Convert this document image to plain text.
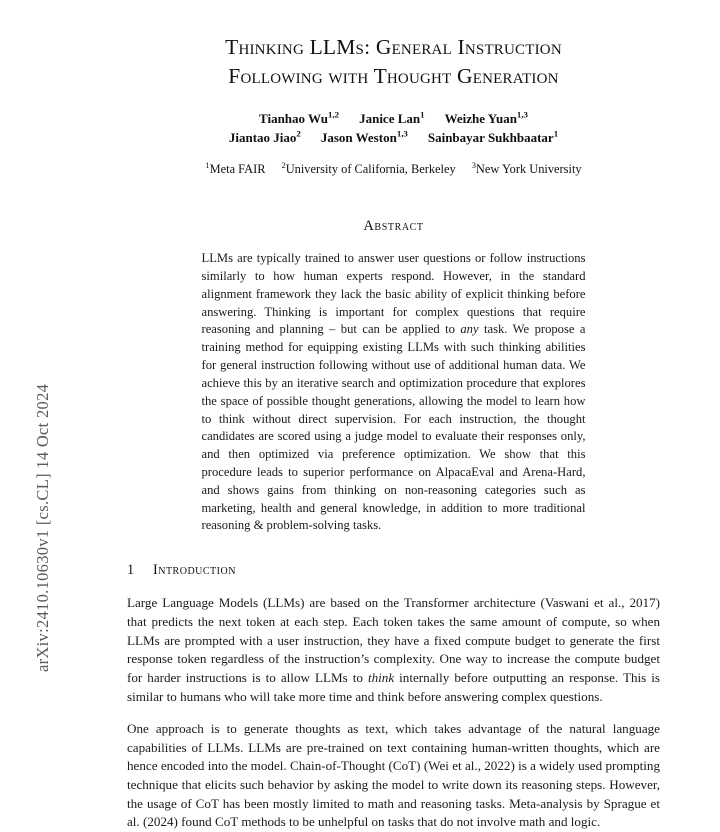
arXiv:2410.10630v1 [cs.CL] 14 Oct 2024
Thinking LLMs: General Instruction
Following with Thought Generation
Tianhao Wu$^{1,2}$ Janice Lan$^1$ Weizhe Yuan$^{1,3}$
Jiantao Jiao$^2$ Jason Weston$^{1,3}$ Sainbayar Sukhbaatar$^1$
$^1$Meta FAIR $^2$University of California, Berkeley $^3$New York University
Abstract
LLMs are typically trained to answer user questions or follow instructions similarly to how human experts respond. However, in the standard alignment framework they lack the basic ability of explicit thinking before answering. Thinking is important for complex questions that require reasoning and planning – but can be applied to any task. We propose a training method for equipping existing LLMs with such thinking abilities for general instruction following without use of additional human data. We achieve this by an iterative search and optimization procedure that explores the space of possible thought generations, allowing the model to learn how to think without direct supervision. For each instruction, the thought candidates are scored using a judge model to evaluate their responses only, and then optimized via preference optimization. We show that this procedure leads to superior performance on AlpacaEval and Arena-Hard, and shows gains from thinking on non-reasoning categories such as marketing, health and general knowledge, in addition to more traditional reasoning & problem-solving tasks.
1	Introduction
Large Language Models (LLMs) are based on the Transformer architecture (Vaswani et al., 2017) that predicts the next token at each step. Each token takes the same amount of compute, so when LLMs are prompted with a user instruction, they have a fixed compute budget to generate the first response token regardless of the instruction’s complexity. One way to increase the compute budget for harder instructions is to allow LLMs to think internally before outputting an response. This is similar to humans who will take more time and think before answering complex questions.
One approach is to generate thoughts as text, which takes advantage of the natural language capabilities of LLMs. LLMs are pre-trained on text containing human-written thoughts, which are hence encoded into the model. Chain-of-Thought (CoT) (Wei et al., 2022) is a widely used prompting technique that elicits such behavior by asking the model to write down its reasoning steps. However, the usage of CoT has been mostly limited to math and reasoning tasks. Meta-analysis by Sprague et al. (2024) found CoT methods to be unhelpful on tasks that do not involve math and logic.
